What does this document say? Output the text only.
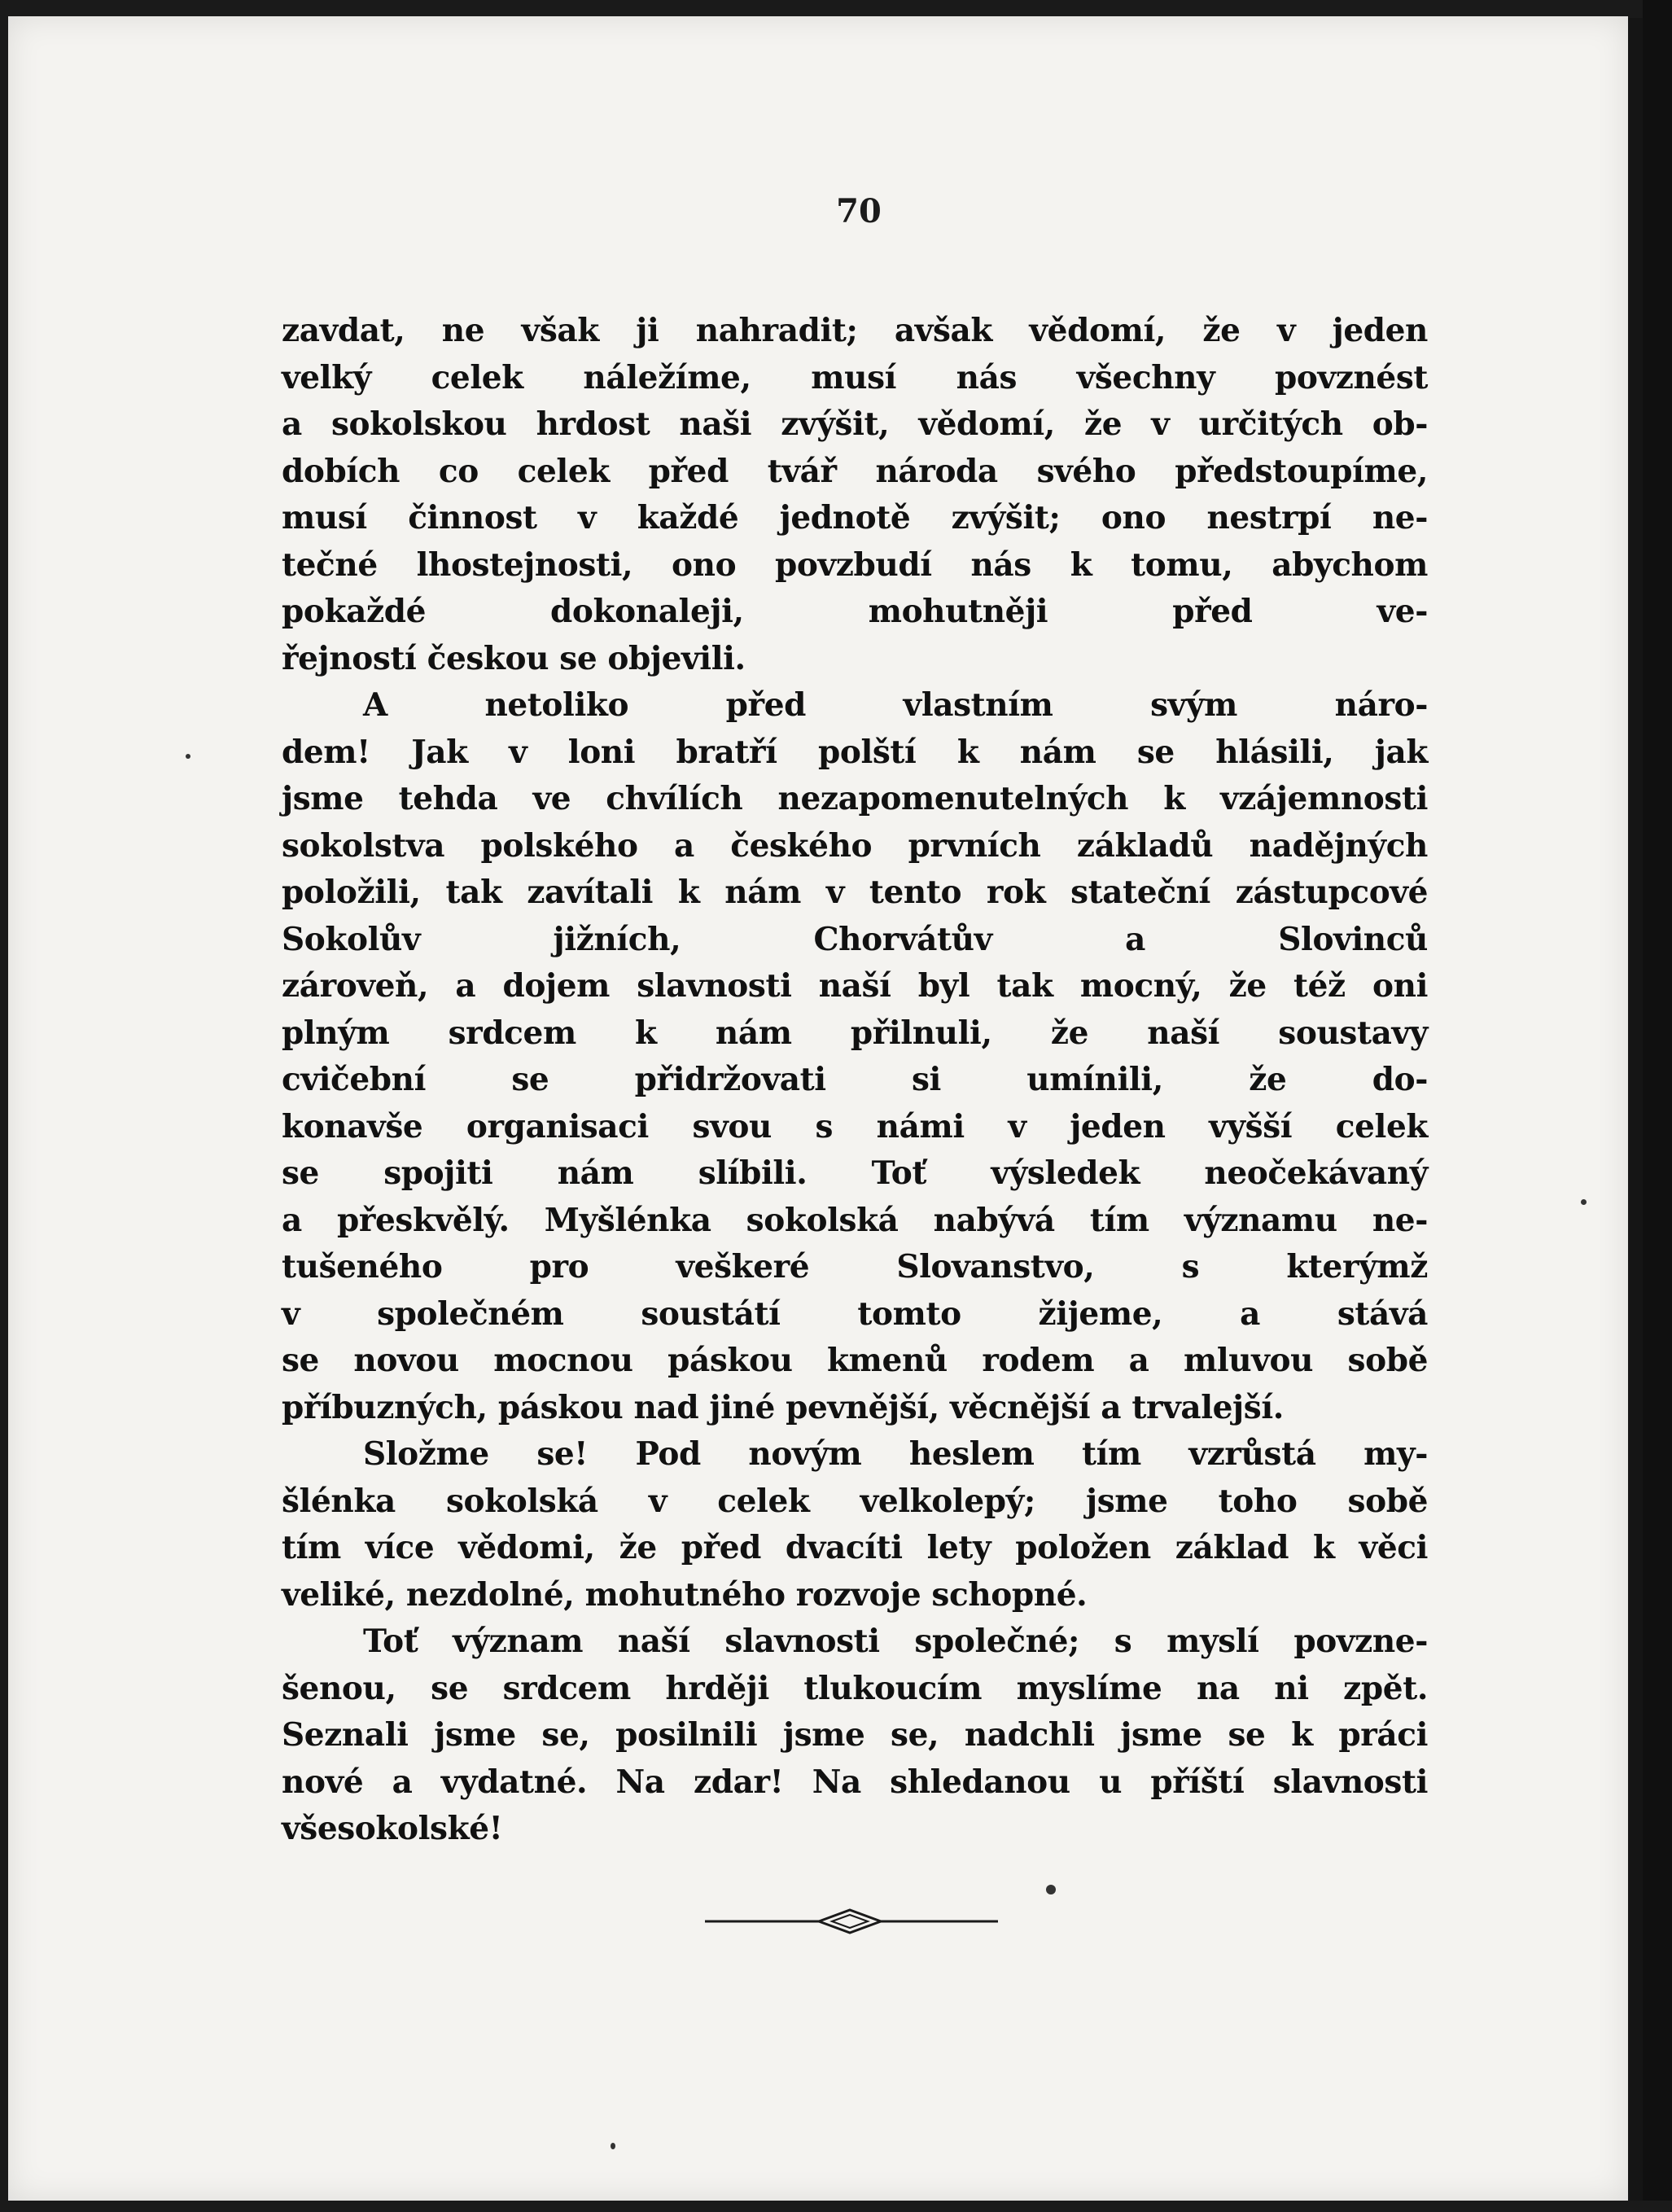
70
zavdat, ne však ji nahradit; avšak vědomí, že v jeden
velký celek náležíme, musí nás všechny povznést
a sokolskou hrdost naši zvýšit, vědomí, že v určitých ob-
dobích co celek před tvář národa svého předstoupíme,
musí činnost v každé jednotě zvýšit; ono nestrpí ne-
tečné lhostejnosti, ono povzbudí nás k tomu, abychom
pokaždé dokonaleji, mohutněji před ve-
řejností českou se objevili.
A netoliko před vlastním svým náro-
dem! Jak v loni bratří polští k nám se hlásili, jak
jsme tehda ve chvílích nezapomenutelných k vzájemnosti
sokolstva polského a českého prvních základů nadějných
položili, tak zavítali k nám v tento rok stateční zástupcové
Sokolův jižních, Chorvátův a Slovinců
zároveň, a dojem slavnosti naší byl tak mocný, že též oni
plným srdcem k nám přilnuli, že naší soustavy
cvičební se přidržovati si umínili, že do-
konavše organisaci svou s námi v jeden vyšší celek
se spojiti nám slíbili. Toť výsledek neočekávaný
a přeskvělý. Myšlénka sokolská nabývá tím významu ne-
tušeného pro veškeré Slovanstvo, s kterýmž
v společném soustátí tomto žijeme, a stává
se novou mocnou páskou kmenů rodem a mluvou sobě
příbuzných, páskou nad jiné pevnější, věcnější a trvalejší.
Složme se! Pod novým heslem tím vzrůstá my-
šlénka sokolská v celek velkolepý; jsme toho sobě
tím více vědomi, že před dvacíti lety položen základ k věci
veliké, nezdolné, mohutného rozvoje schopné.
Toť význam naší slavnosti společné; s myslí povzne-
šenou, se srdcem hrději tlukoucím myslíme na ni zpět.
Seznali jsme se, posilnili jsme se, nadchli jsme se k práci
nové a vydatné. Na zdar! Na shledanou u příští slavnosti
všesokolské!
